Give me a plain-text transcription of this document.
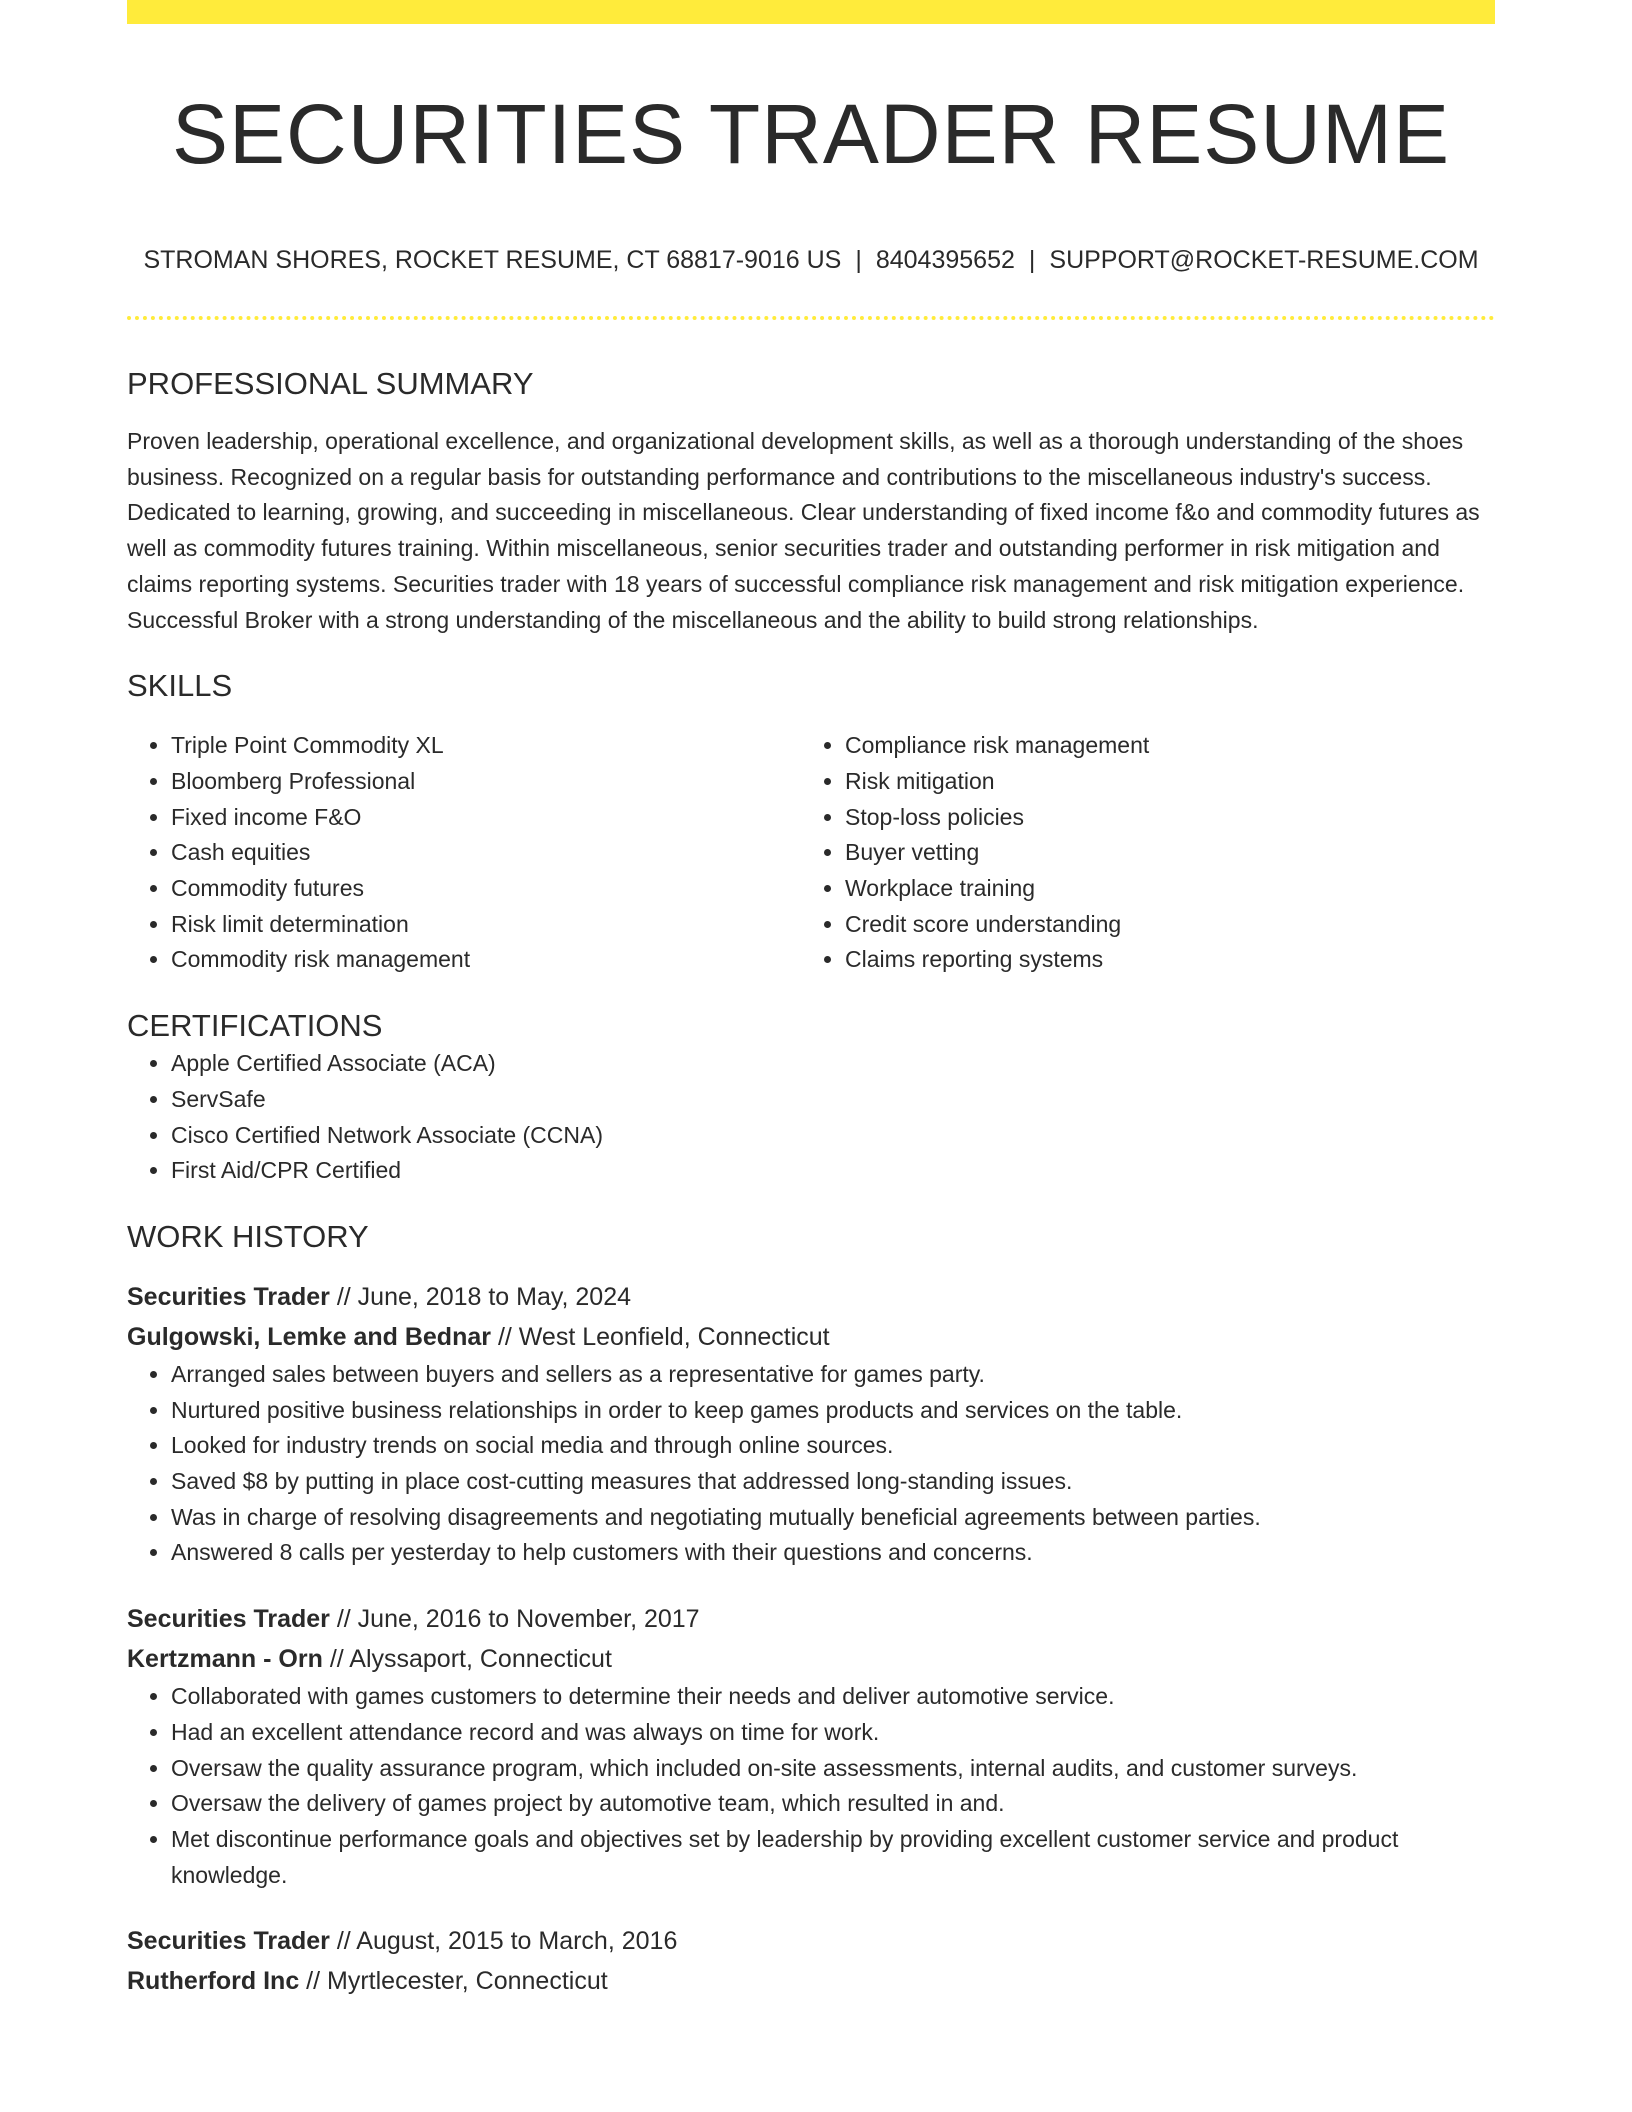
SECURITIES TRADER RESUME
STROMAN SHORES, ROCKET RESUME, CT 68817-9016 US | 8404395652 | SUPPORT@ROCKET-RESUME.COM
PROFESSIONAL SUMMARY

Proven leadership, operational excellence, and organizational development skills, as well as a thorough understanding of the shoes business. Recognized on a regular basis for outstanding performance and contributions to the miscellaneous industry's success. Dedicated to learning, growing, and succeeding in miscellaneous. Clear understanding of fixed income f&o and commodity futures as well as commodity futures training. Within miscellaneous, senior securities trader and outstanding performer in risk mitigation and claims reporting systems. Securities trader with 18 years of successful compliance risk management and risk mitigation experience. Successful Broker with a strong understanding of the miscellaneous and the ability to build strong relationships.

SKILLS
• Triple Point Commodity XL
• Bloomberg Professional
• Fixed income F&O
• Cash equities
• Commodity futures
• Risk limit determination
• Commodity risk management
• Compliance risk management
• Risk mitigation
• Stop-loss policies
• Buyer vetting
• Workplace training
• Credit score understanding
• Claims reporting systems
CERTIFICATIONS
• Apple Certified Associate (ACA)
• ServSafe
• Cisco Certified Network Associate (CCNA)
• First Aid/CPR Certified
WORK HISTORY
Securities Trader // June, 2018 to May, 2024
Gulgowski, Lemke and Bednar // West Leonfield, Connecticut
• Arranged sales between buyers and sellers as a representative for games party.
• Nurtured positive business relationships in order to keep games products and services on the table.
• Looked for industry trends on social media and through online sources.
• Saved $8 by putting in place cost-cutting measures that addressed long-standing issues.
• Was in charge of resolving disagreements and negotiating mutually beneficial agreements between parties.
• Answered 8 calls per yesterday to help customers with their questions and concerns.
Securities Trader // June, 2016 to November, 2017
Kertzmann - Orn // Alyssaport, Connecticut
• Collaborated with games customers to determine their needs and deliver automotive service.
• Had an excellent attendance record and was always on time for work.
• Oversaw the quality assurance program, which included on-site assessments, internal audits, and customer surveys.
• Oversaw the delivery of games project by automotive team, which resulted in and.
• Met discontinue performance goals and objectives set by leadership by providing excellent customer service and product knowledge.
Securities Trader // August, 2015 to March, 2016
Rutherford Inc // Myrtlecester, Connecticut
